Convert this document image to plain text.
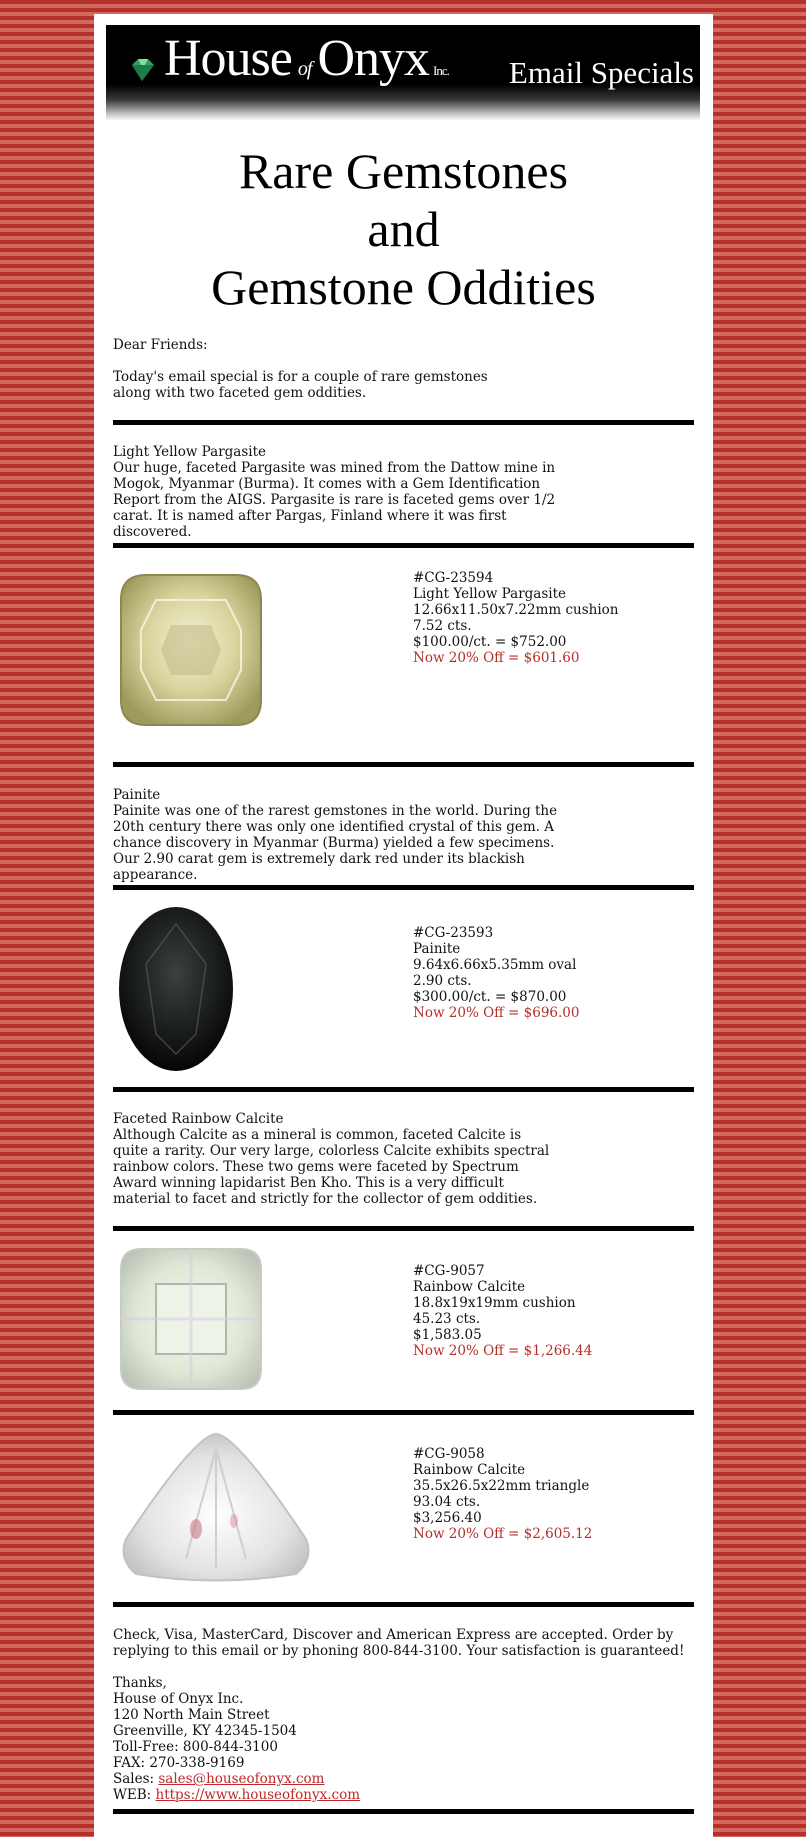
House of Onyx Inc. Email Specials
Rare Gemstones
and
Gemstone Oddities

Dear Friends:

Today's email special is for a couple of rare gemstones along with two faceted gem oddities.

Light Yellow Pargasite

Our huge, faceted Pargasite was mined from the Dattow mine in Mogok, Myanmar (Burma). It comes with a Gem Identification Report from the AIGS. Pargasite is rare is faceted gems over 1/2 carat. It is named after Pargas, Finland where it was first discovered.

#CG-23594
Light Yellow Pargasite
12.66x11.50x7.22mm cushion
7.52 cts.
$100.00/ct. = $752.00
Now 20% Off = $601.60

Painite

Painite was one of the rarest gemstones in the world. During the 20th century there was only one identified crystal of this gem. A chance discovery in Myanmar (Burma) yielded a few specimens. Our 2.90 carat gem is extremely dark red under its blackish appearance.

#CG-23593
Painite
9.64x6.66x5.35mm oval
2.90 cts.
$300.00/ct. = $870.00
Now 20% Off = $696.00

Faceted Rainbow Calcite

Although Calcite as a mineral is common, faceted Calcite is quite a rarity. Our very large, colorless Calcite exhibits spectral rainbow colors. These two gems were faceted by Spectrum Award winning lapidarist Ben Kho. This is a very difficult material to facet and strictly for the collector of gem oddities.

#CG-9057
Rainbow Calcite
18.8x19x19mm cushion
45.23 cts.
$1,583.05
Now 20% Off = $1,266.44
#CG-9058
Rainbow Calcite
35.5x26.5x22mm triangle
93.04 cts.
$3,256.40
Now 20% Off = $2,605.12

Check, Visa, MasterCard, Discover and American Express are accepted. Order by replying to this email or by phoning 800-844-3100. Your satisfaction is guaranteed!

Thanks,

House of Onyx Inc.

120 North Main Street

Greenville, KY 42345-1504

Toll-Free: 800-844-3100

FAX: 270-338-9169

Sales: sales@houseofonyx.com

WEB: https://www.houseofonyx.com
